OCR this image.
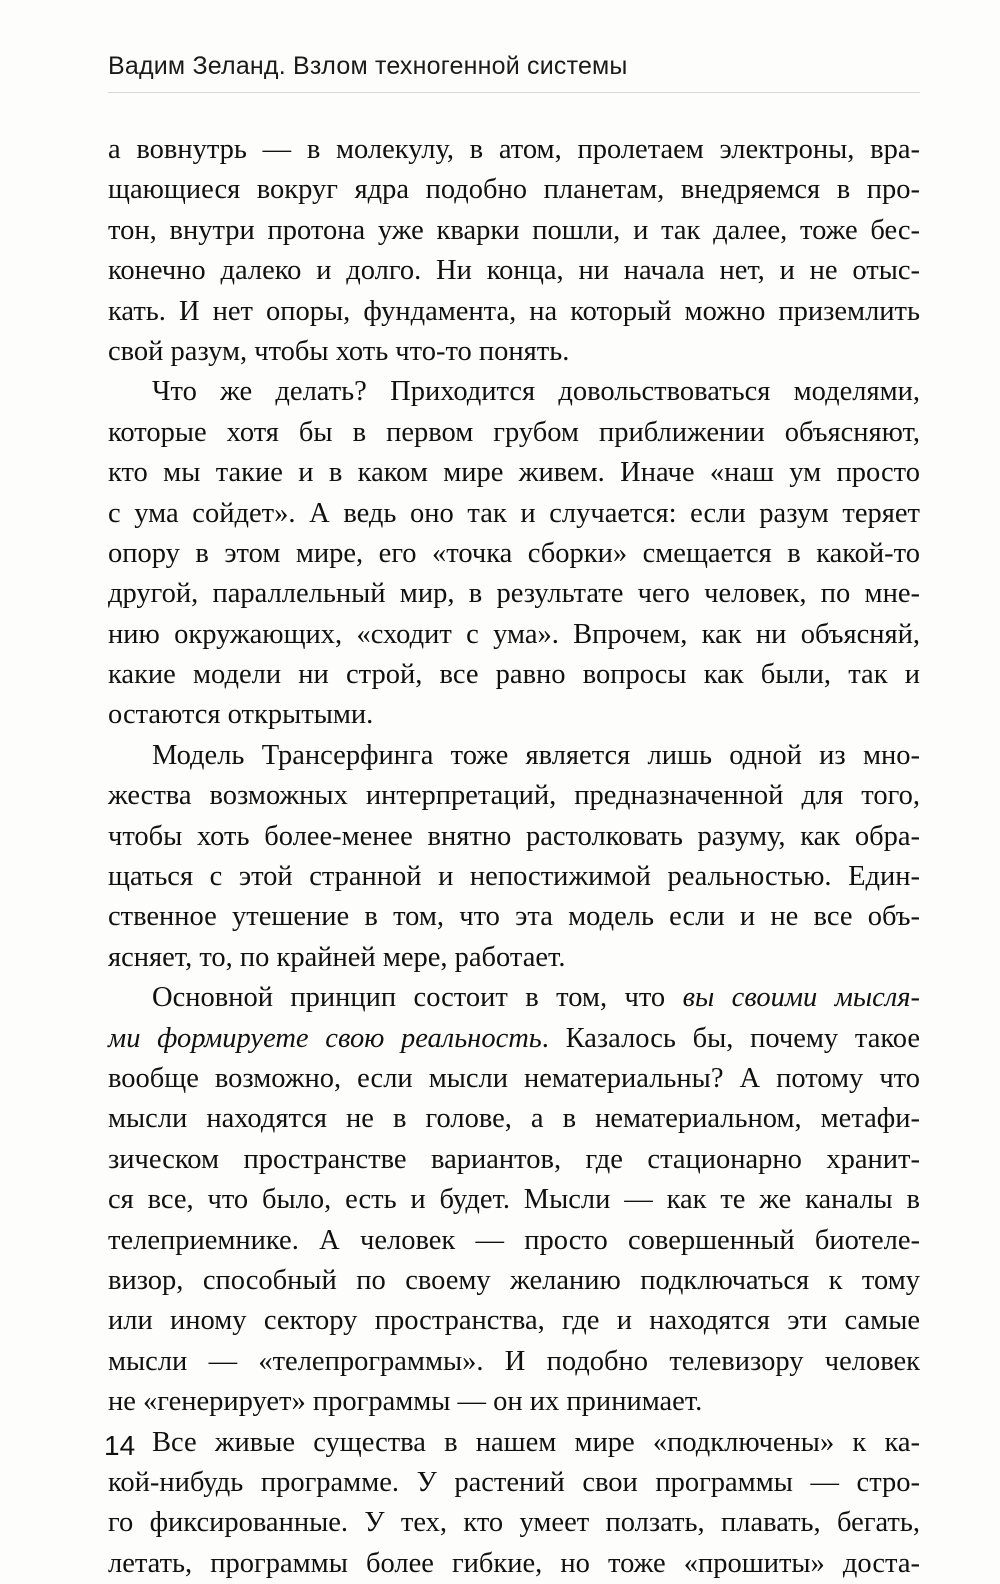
Вадим Зеланд. Взлом техногенной системы
а вовнутрь — в молекулу, в атом, пролетаем электроны, вра-
щающиеся вокруг ядра подобно планетам, внедряемся в про-
тон, внутри протона уже кварки пошли, и так далее, тоже бес-
конечно далеко и долго. Ни конца, ни начала нет, и не отыс-
кать. И нет опоры, фундамента, на который можно приземлить
свой разум, чтобы хоть что-то понять.
Что же делать? Приходится довольствоваться моделями,
которые хотя бы в первом грубом приближении объясняют,
кто мы такие и в каком мире живем. Иначе «наш ум просто
с ума сойдет». А ведь оно так и случается: если разум теряет
опору в этом мире, его «точка сборки» смещается в какой-то
другой, параллельный мир, в результате чего человек, по мне-
нию окружающих, «сходит с ума». Впрочем, как ни объясняй,
какие модели ни строй, все равно вопросы как были, так и
остаются открытыми.
Модель Трансерфинга тоже является лишь одной из мно-
жества возможных интерпретаций, предназначенной для того,
чтобы хоть более-менее внятно растолковать разуму, как обра-
щаться с этой странной и непостижимой реальностью. Един-
ственное утешение в том, что эта модель если и не все объ-
ясняет, то, по крайней мере, работает.
Основной принцип состоит в том, что вы своими мысля-
ми формируете свою реальность. Казалось бы, почему такое
вообще возможно, если мысли нематериальны? А потому что
мысли находятся не в голове, а в нематериальном, метафи-
зическом пространстве вариантов, где стационарно хранит-
ся все, что было, есть и будет. Мысли — как те же каналы в
телеприемнике. А человек — просто совершенный биотеле-
визор, способный по своему желанию подключаться к тому
или иному сектору пространства, где и находятся эти самые
мысли — «телепрограммы». И подобно телевизору человек
не «генерирует» программы — он их принимает.
Все живые существа в нашем мире «подключены» к ка-
кой-нибудь программе. У растений свои программы — стро-
го фиксированные. У тех, кто умеет ползать, плавать, бегать,
летать, программы более гибкие, но тоже «прошиты» доста-
14
